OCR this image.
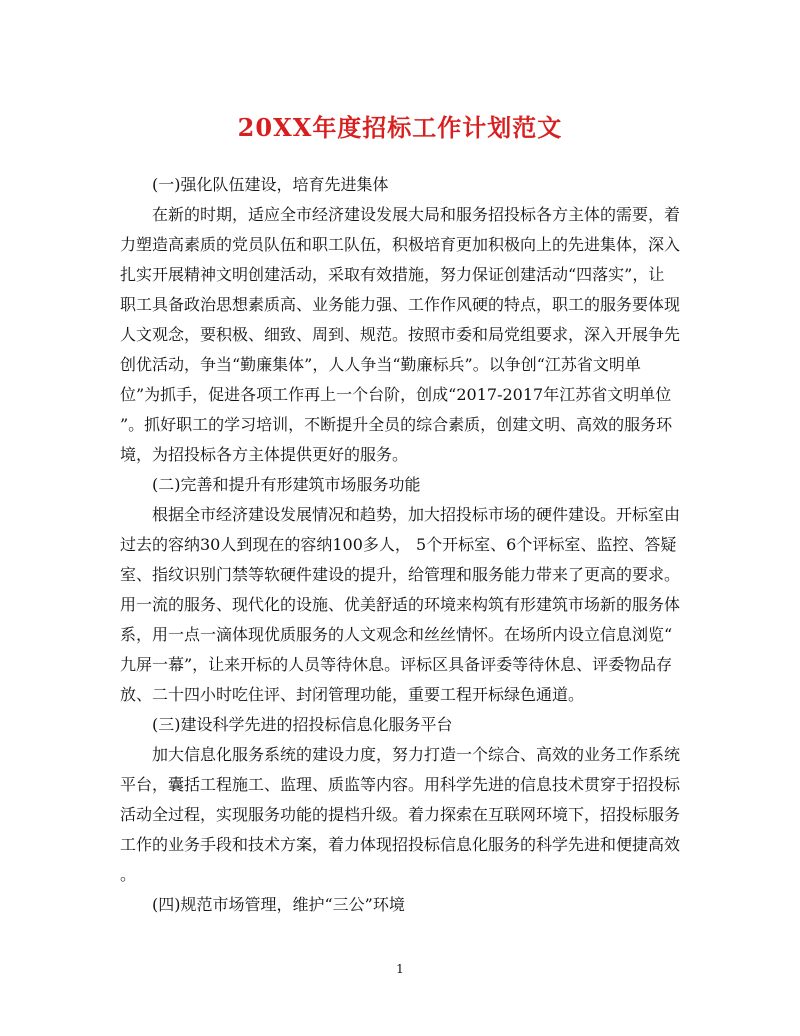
20XX年度招标工作计划范文
(一)强化队伍建设，培育先进集体
在新的时期，适应全市经济建设发展大局和服务招投标各方主体的需要，着
力塑造高素质的党员队伍和职工队伍，积极培育更加积极向上的先进集体，深入
扎实开展精神文明创建活动，采取有效措施，努力保证创建活动“四落实”，让
职工具备政治思想素质高、业务能力强、工作作风硬的特点，职工的服务要体现
人文观念，要积极、细致、周到、规范。按照市委和局党组要求，深入开展争先
创优活动，争当“勤廉集体”，人人争当“勤廉标兵”。以争创“江苏省文明单
位”为抓手，促进各项工作再上一个台阶，创成“2017-2017年江苏省文明单位
”。抓好职工的学习培训，不断提升全员的综合素质，创建文明、高效的服务环
境，为招投标各方主体提供更好的服务。
(二)完善和提升有形建筑市场服务功能
根据全市经济建设发展情况和趋势，加大招投标市场的硬件建设。开标室由
过去的容纳30人到现在的容纳100多人， 5个开标室、6个评标室、监控、答疑
室、指纹识别门禁等软硬件建设的提升，给管理和服务能力带来了更高的要求。
用一流的服务、现代化的设施、优美舒适的环境来构筑有形建筑市场新的服务体
系，用一点一滴体现优质服务的人文观念和丝丝情怀。在场所内设立信息浏览“
九屏一幕”，让来开标的人员等待休息。评标区具备评委等待休息、评委物品存
放、二十四小时吃住评、封闭管理功能，重要工程开标绿色通道。
(三)建设科学先进的招投标信息化服务平台
加大信息化服务系统的建设力度，努力打造一个综合、高效的业务工作系统
平台，囊括工程施工、监理、质监等内容。用科学先进的信息技术贯穿于招投标
活动全过程，实现服务功能的提档升级。着力探索在互联网环境下，招投标服务
工作的业务手段和技术方案，着力体现招投标信息化服务的科学先进和便捷高效
。
(四)规范市场管理，维护“三公”环境
1
